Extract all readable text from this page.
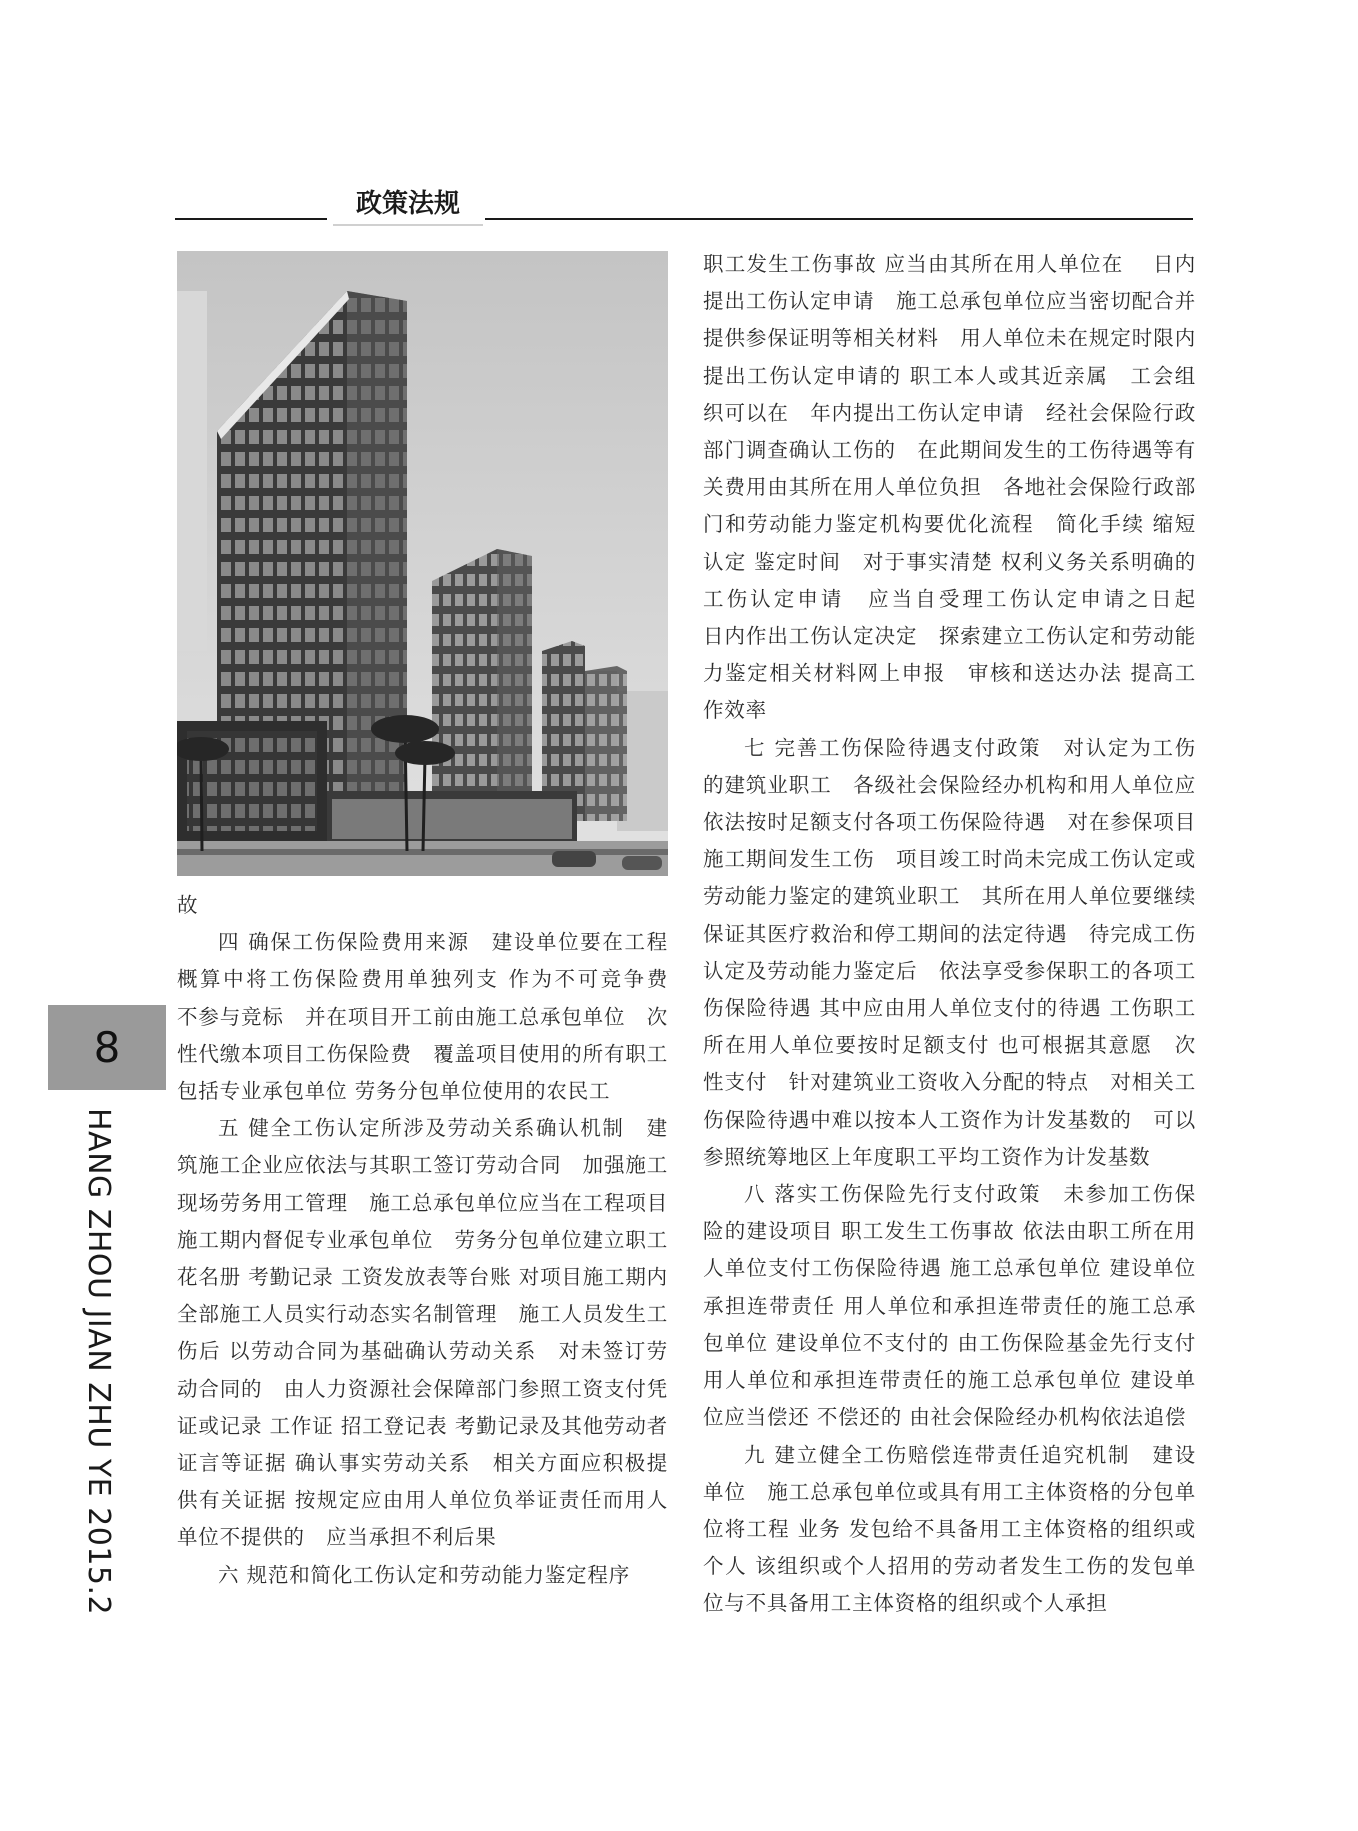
政策法规

故

四 确保工伤保险费用来源　建设单位要在工程概算中将工伤保险费用单独列支 作为不可竞争费　不参与竞标　并在项目开工前由施工总承包单位　次性代缴本项目工伤保险费　覆盖项目使用的所有职工 包括专业承包单位 劳务分包单位使用的农民工

五 健全工伤认定所涉及劳动关系确认机制　建筑施工企业应依法与其职工签订劳动合同　加强施工现场劳务用工管理　施工总承包单位应当在工程项目施工期内督促专业承包单位　劳务分包单位建立职工花名册 考勤记录 工资发放表等台账 对项目施工期内全部施工人员实行动态实名制管理　施工人员发生工伤后 以劳动合同为基础确认劳动关系　对未签订劳动合同的　由人力资源社会保障部门参照工资支付凭证或记录 工作证 招工登记表 考勤记录及其他劳动者证言等证据 确认事实劳动关系　相关方面应积极提供有关证据 按规定应由用人单位负举证责任而用人单位不提供的　应当承担不利后果

六 规范和简化工伤认定和劳动能力鉴定程序

职工发生工伤事故 应当由其所在用人单位在　 日内提出工伤认定申请　施工总承包单位应当密切配合并提供参保证明等相关材料　用人单位未在规定时限内提出工伤认定申请的 职工本人或其近亲属　工会组织可以在　年内提出工伤认定申请　经社会保险行政部门调查确认工伤的　在此期间发生的工伤待遇等有关费用由其所在用人单位负担　各地社会保险行政部门和劳动能力鉴定机构要优化流程　简化手续 缩短认定 鉴定时间　对于事实清楚 权利义务关系明确的工伤认定申请　应当自受理工伤认定申请之日起　 日内作出工伤认定决定　探索建立工伤认定和劳动能力鉴定相关材料网上申报　审核和送达办法 提高工作效率

七 完善工伤保险待遇支付政策　对认定为工伤的建筑业职工　各级社会保险经办机构和用人单位应依法按时足额支付各项工伤保险待遇　对在参保项目施工期间发生工伤　项目竣工时尚未完成工伤认定或劳动能力鉴定的建筑业职工　其所在用人单位要继续保证其医疗救治和停工期间的法定待遇　待完成工伤认定及劳动能力鉴定后　依法享受参保职工的各项工伤保险待遇 其中应由用人单位支付的待遇 工伤职工所在用人单位要按时足额支付 也可根据其意愿　次性支付　针对建筑业工资收入分配的特点　对相关工伤保险待遇中难以按本人工资作为计发基数的　可以参照统筹地区上年度职工平均工资作为计发基数

八 落实工伤保险先行支付政策　未参加工伤保险的建设项目 职工发生工伤事故 依法由职工所在用人单位支付工伤保险待遇 施工总承包单位 建设单位承担连带责任 用人单位和承担连带责任的施工总承包单位 建设单位不支付的 由工伤保险基金先行支付　用人单位和承担连带责任的施工总承包单位 建设单位应当偿还 不偿还的 由社会保险经办机构依法追偿

九 建立健全工伤赔偿连带责任追究机制　建设单位　施工总承包单位或具有用工主体资格的分包单位将工程 业务 发包给不具备用工主体资格的组织或个人 该组织或个人招用的劳动者发生工伤的发包单位与不具备用工主体资格的组织或个人承担

8
HANG ZHOU JIAN ZHU YE 2015.2
